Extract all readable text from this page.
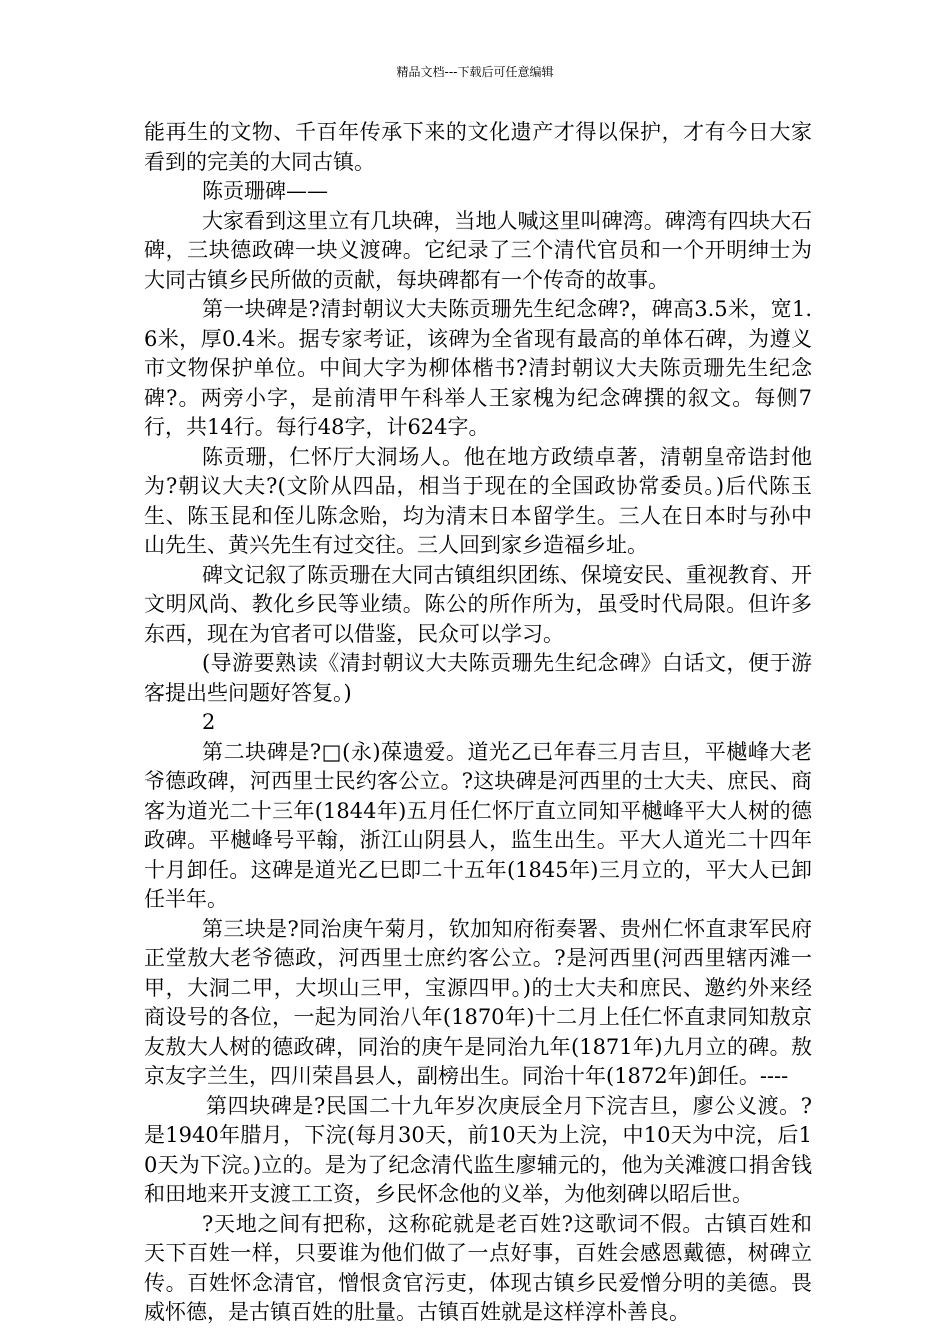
精品文档---下载后可任意编辑

能再生的文物、千百年传承下来的文化遗产才得以保护，才有今日大家看到的完美的大同古镇。

陈贡珊碑——

大家看到这里立有几块碑，当地人喊这里叫碑湾。碑湾有四块大石碑，三块德政碑一块义渡碑。它纪录了三个清代官员和一个开明绅士为大同古镇乡民所做的贡献，每块碑都有一个传奇的故事。

第一块碑是?清封朝议大夫陈贡珊先生纪念碑?，碑高3.5米，宽1.6米，厚0.4米。据专家考证，该碑为全省现有最高的单体石碑，为遵义市文物保护单位。中间大字为柳体楷书?清封朝议大夫陈贡珊先生纪念碑?。两旁小字，是前清甲午科举人王家槐为纪念碑撰的叙文。每侧7行，共14行。每行48字，计624字。

陈贡珊，仁怀厅大洞场人。他在地方政绩卓著，清朝皇帝诰封他为?朝议大夫?(文阶从四品，相当于现在的全国政协常委员。)后代陈玉生、陈玉昆和侄儿陈念贻，均为清末日本留学生。三人在日本时与孙中山先生、黄兴先生有过交往。三人回到家乡造福乡址。

碑文记叙了陈贡珊在大同古镇组织团练、保境安民、重视教育、开文明风尚、教化乡民等业绩。陈公的所作所为，虽受时代局限。但许多东西，现在为官者可以借鉴，民众可以学习。

(导游要熟读《清封朝议大夫陈贡珊先生纪念碑》白话文，便于游客提出些问题好答复。)

2

第二块碑是?□(永)葆遗爱。道光乙已年春三月吉旦，平樾峰大老爷德政碑，河西里士民约客公立。?这块碑是河西里的士大夫、庶民、商客为道光二十三年(1844年)五月任仁怀厅直立同知平樾峰平大人树的德政碑。平樾峰号平翰，浙江山阴县人，监生出生。平大人道光二十四年十月卸任。这碑是道光乙巳即二十五年(1845年)三月立的，平大人已卸任半年。

第三块是?同治庚午菊月，钦加知府衔奏署、贵州仁怀直隶军民府正堂敖大老爷德政，河西里士庶约客公立。?是河西里(河西里辖丙滩一甲，大洞二甲，大坝山三甲，宝源四甲。)的士大夫和庶民、邀约外来经商设号的各位，一起为同治八年(1870年)十二月上任仁怀直隶同知敖京友敖大人树的德政碑，同治的庚午是同治九年(1871年)九月立的碑。敖京友字兰生，四川荣昌县人，副榜出生。同治十年(1872年)卸任。----

第四块碑是?民国二十九年岁次庚辰全月下浣吉旦，廖公义渡。?是1940年腊月，下浣(每月30天，前10天为上浣，中10天为中浣，后10天为下浣。)立的。是为了纪念清代监生廖辅元的，他为关滩渡口捐舍钱和田地来开支渡工工资，乡民怀念他的义举，为他刻碑以昭后世。

?天地之间有把称，这称砣就是老百姓?这歌词不假。古镇百姓和天下百姓一样，只要谁为他们做了一点好事，百姓会感恩戴德，树碑立传。百姓怀念清官，憎恨贪官污吏，体现古镇乡民爱憎分明的美德。畏威怀德，是古镇百姓的肚量。古镇百姓就是这样淳朴善良。
